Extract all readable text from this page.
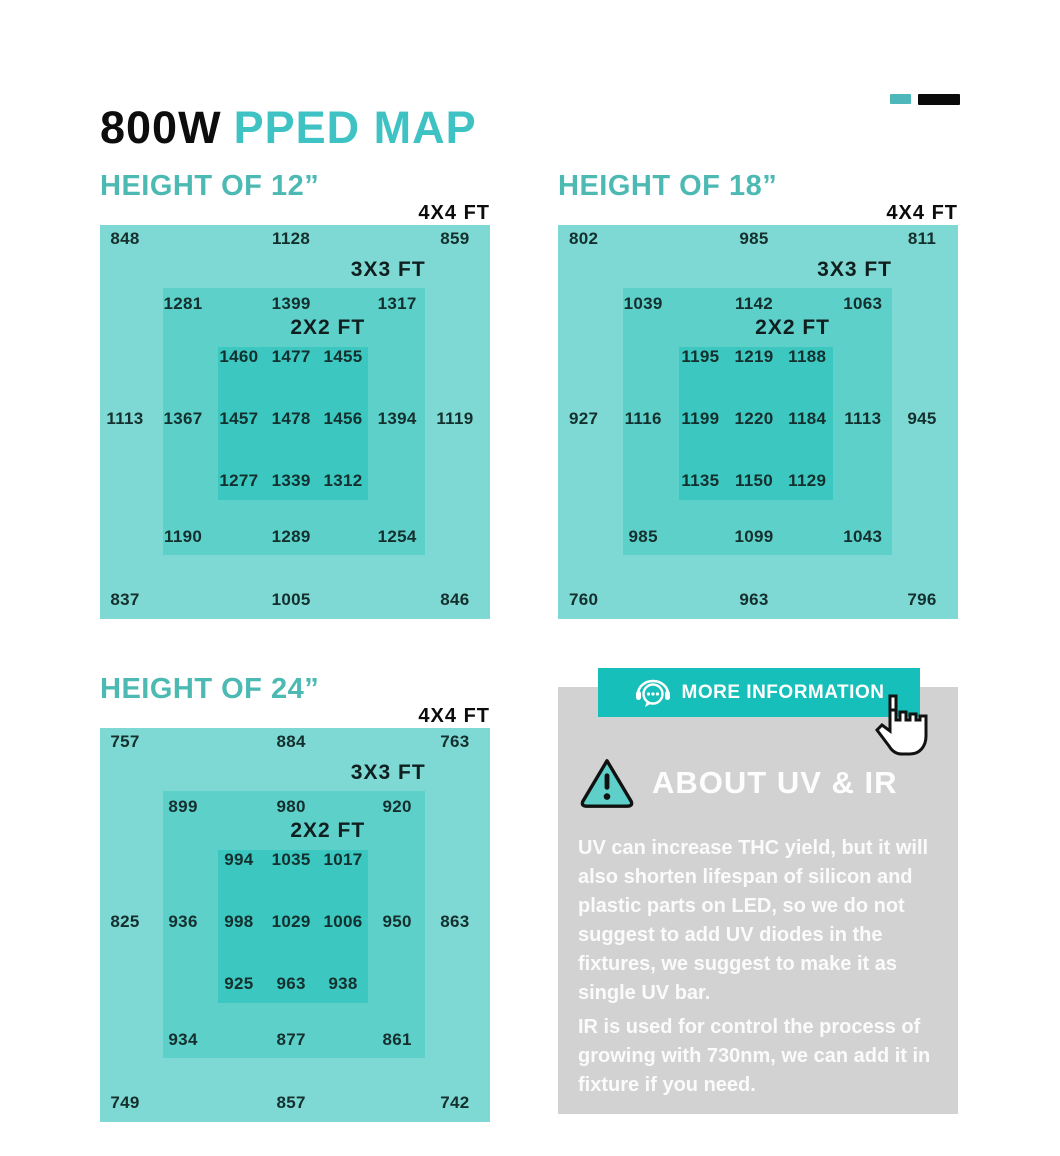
800W PPED MAP
HEIGHT OF 12”
4X4 FT
3X3 FT
2X2 FT
848	1128	859
1281	1399	1317
1460 1477 1455
1113 1367 1457 1478 1456 1394 1119
1277 1339 1312
1190	1289	1254
837	1005	846
HEIGHT OF 18”
4X4 FT
3X3 FT
2X2 FT
802	985	811
1039	1142	1063
1195 1219 1188
927 1116 1199 1220 1184 1113 945
1135 1150 1129
985	1099	1043
760	963	796
HEIGHT OF 24”
4X4 FT
3X3 FT
2X2 FT
757	884	763
899	980	920
994 1035 1017
825 936 998 1029 1006 950 863
925 963 938
934	877	861
749	857	742
MORE INFORMATION
ABOUT UV & IR

UV can increase THC yield, but it will also shorten lifespan of silicon and plastic parts on LED, so we do not suggest to add UV diodes in the fixtures, we suggest to make it as single UV bar.

IR is used for control the process of growing with 730nm, we can add it in fixture if you need.
